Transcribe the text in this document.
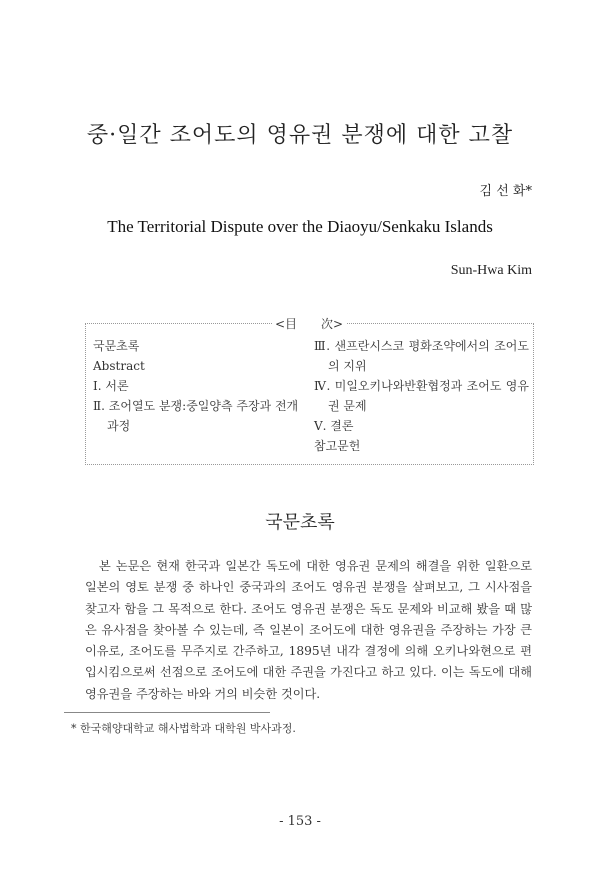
중·일간 조어도의 영유권 분쟁에 대한 고찰
김 선 화*
The Territorial Dispute over the Diaoyu/Senkaku Islands
Sun-Hwa Kim
<目　　次>
국문초록
Abstract
Ⅰ. 서론
Ⅱ. 조어열도 분쟁:중일양측 주장과 전개 과정
Ⅲ. 샌프란시스코 평화조약에서의 조어도의 지위
Ⅳ. 미일오키나와반환협정과 조어도 영유권 문제
Ⅴ. 결론
참고문헌
국문초록

본 논문은 현재 한국과 일본간 독도에 대한 영유권 문제의 해결을 위한 일환으로 일본의 영토 분쟁 중 하나인 중국과의 조어도 영유권 분쟁을 살펴보고, 그 시사점을 찾고자 함을 그 목적으로 한다. 조어도 영유권 분쟁은 독도 문제와 비교해 봤을 때 많은 유사점을 찾아볼 수 있는데, 즉 일본이 조어도에 대한 영유권을 주장하는 가장 큰 이유로, 조어도를 무주지로 간주하고, 1895년 내각 결정에 의해 오키나와현으로 편입시킴으로써 선점으로 조어도에 대한 주권을 가진다고 하고 있다. 이는 독도에 대해 영유권을 주장하는 바와 거의 비슷한 것이다.

* 한국해양대학교 해사법학과 대학원 박사과정.
- 153 -
